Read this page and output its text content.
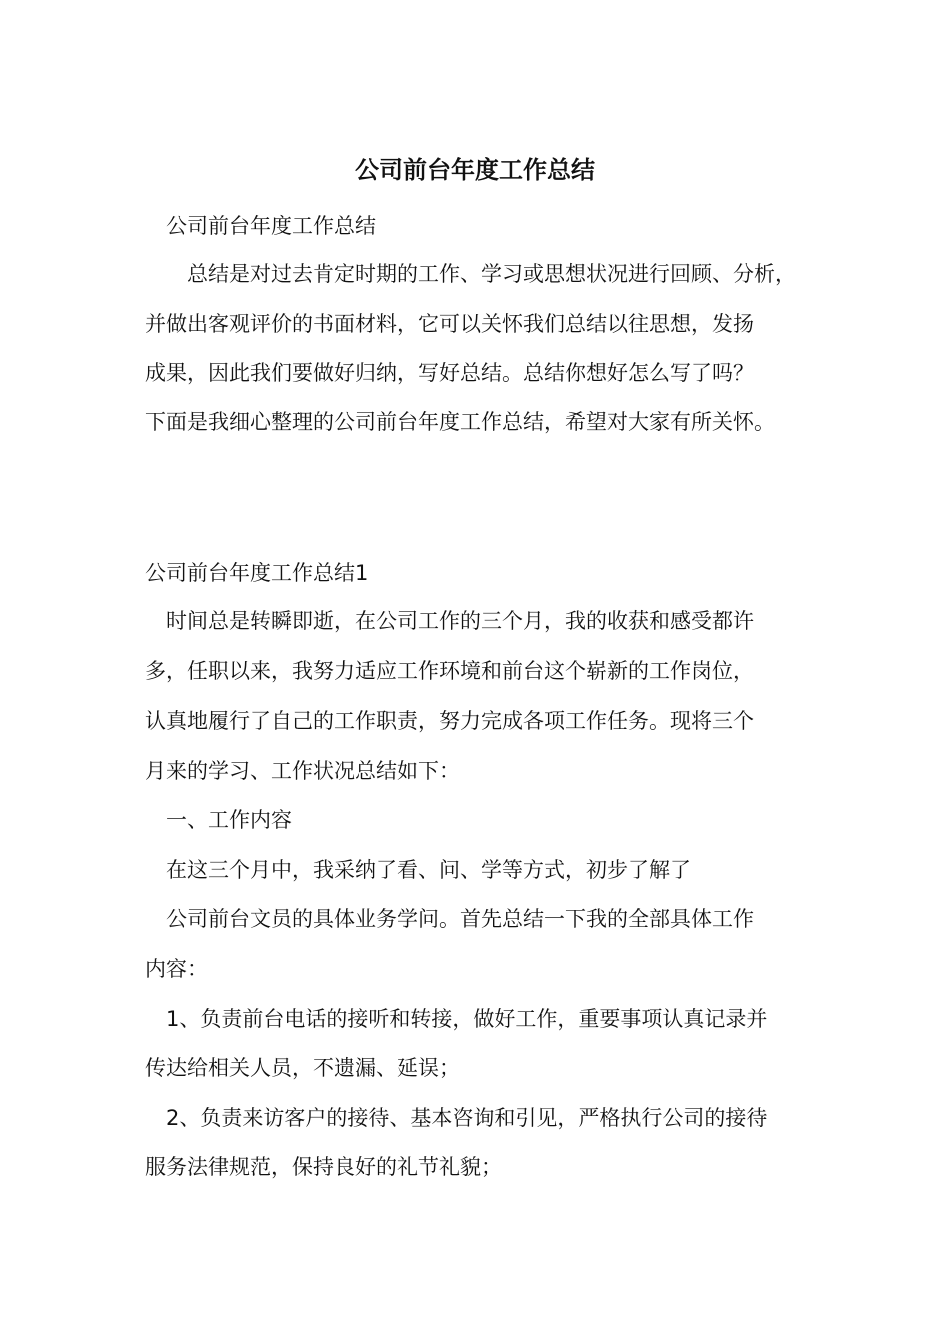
公司前台年度工作总结
　公司前台年度工作总结
　　总结是对过去肯定时期的工作、学习或思想状况进行回顾、分析，
并做出客观评价的书面材料，它可以关怀我们总结以往思想，发扬
成果，因此我们要做好归纳，写好总结。总结你想好怎么写了吗？
下面是我细心整理的公司前台年度工作总结，希望对大家有所关怀。
公司前台年度工作总结1
　时间总是转瞬即逝，在公司工作的三个月，我的收获和感受都许
多，任职以来，我努力适应工作环境和前台这个崭新的工作岗位，
认真地履行了自己的工作职责，努力完成各项工作任务。现将三个
月来的学习、工作状况总结如下：
　一、工作内容
　在这三个月中，我采纳了看、问、学等方式，初步了解了
　公司前台文员的具体业务学问。首先总结一下我的全部具体工作
内容：
　1、负责前台电话的接听和转接，做好工作，重要事项认真记录并
传达给相关人员，不遗漏、延误；
　2、负责来访客户的接待、基本咨询和引见，严格执行公司的接待
服务法律规范，保持良好的礼节礼貌；
